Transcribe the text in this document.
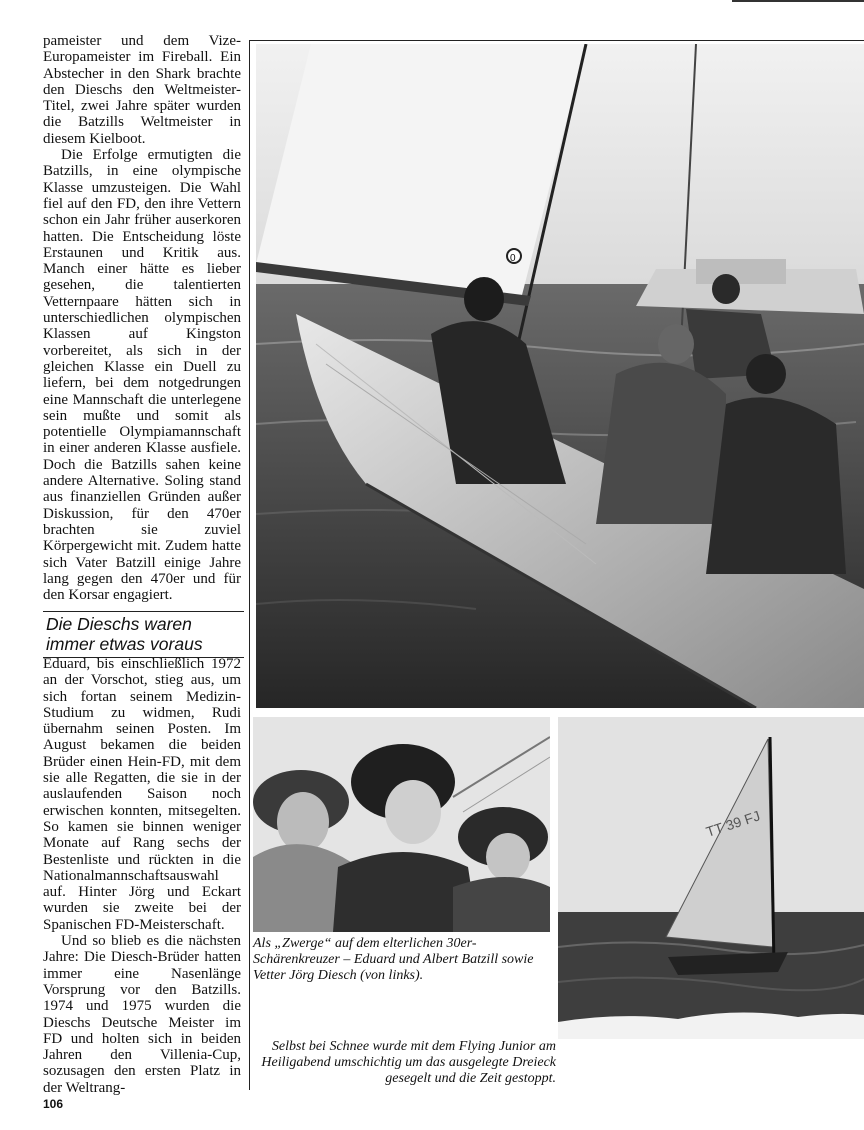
pameister und dem Vize-Europameister im Fireball. Ein Abstecher in den Shark brachte den Dieschs den Weltmeister-Titel, zwei Jahre später wurden die Batzills Weltmeister in diesem Kielboot.

Die Erfolge ermutigten die Batzills, in eine olympische Klasse umzusteigen. Die Wahl fiel auf den FD, den ihre Vettern schon ein Jahr früher auserkoren hatten. Die Entscheidung löste Erstaunen und Kritik aus. Manch einer hätte es lieber gesehen, die talentierten Vetternpaare hätten sich in unterschiedlichen olympischen Klassen auf Kingston vorbereitet, als sich in der gleichen Klasse ein Duell zu liefern, bei dem notgedrungen eine Mannschaft die unterlegene sein mußte und somit als potentielle Olympiamannschaft in einer anderen Klasse ausfiele. Doch die Batzills sahen keine andere Alternative. Soling stand aus finanziellen Gründen außer Diskussion, für den 470er brachten sie zuviel Körpergewicht mit. Zudem hatte sich Vater Batzill einige Jahre lang gegen den 470er und für den Korsar engagiert.

Die Dieschs waren immer etwas voraus

Eduard, bis einschließlich 1972 an der Vorschot, stieg aus, um sich fortan seinem Medizin-Studium zu widmen, Rudi übernahm seinen Posten. Im August bekamen die beiden Brüder einen Hein-FD, mit dem sie alle Regatten, die sie in der auslaufenden Saison noch erwischen konnten, mitsegelten. So kamen sie binnen weniger Monate auf Rang sechs der Bestenliste und rückten in die Nationalmannschaftsauswahl auf. Hinter Jörg und Eckart wurden sie zweite bei der Spanischen FD-Meisterschaft.

Und so blieb es die nächsten Jahre: Die Diesch-Brüder hatten immer eine Nasenlänge Vorsprung vor den Batzills. 1974 und 1975 wurden die Dieschs Deutsche Meister im FD und holten sich in beiden Jahren den Villenia-Cup, sozusagen den ersten Platz in der Weltrang-

106
0
Als „Zwerge“ auf dem elterlichen 30er-Schärenkreuzer – Eduard und Albert Batzill sowie Vetter Jörg Diesch (von links).
TT 39 FJ
Selbst bei Schnee wurde mit dem Flying Junior am Heiligabend umschichtig um das ausgelegte Dreieck gesegelt und die Zeit gestoppt.
